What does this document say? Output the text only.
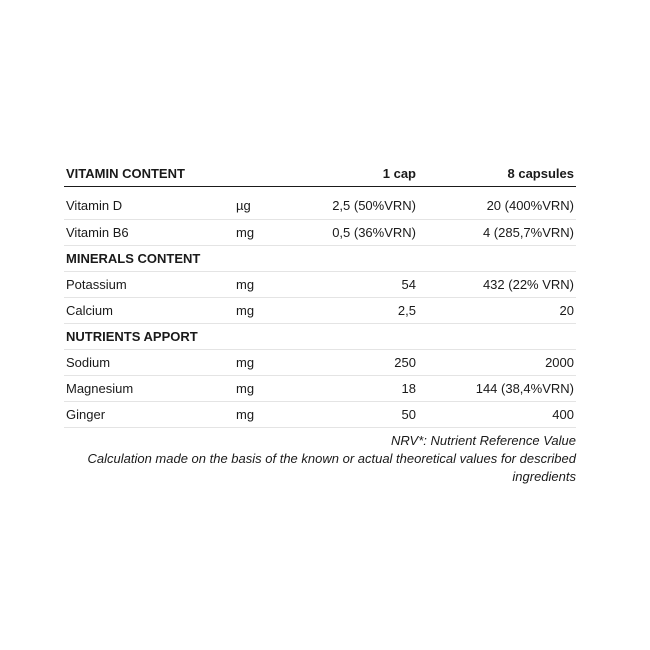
VITAMIN CONTENT		1 cap	8 capsules
Vitamin D	µg	2,5 (50%VRN)	20 (400%VRN)
Vitamin B6	mg	0,5 (36%VRN)	4 (285,7%VRN)
MINERALS CONTENT			
Potassium	mg	54	432 (22% VRN)
Calcium	mg	2,5	20
NUTRIENTS APPORT			
Sodium	mg	250	2000
Magnesium	mg	18	144 (38,4%VRN)
Ginger	mg	50	400

NRV*: Nutrient Reference Value

Calculation made on the basis of the known or actual theoretical values for described ingredients
